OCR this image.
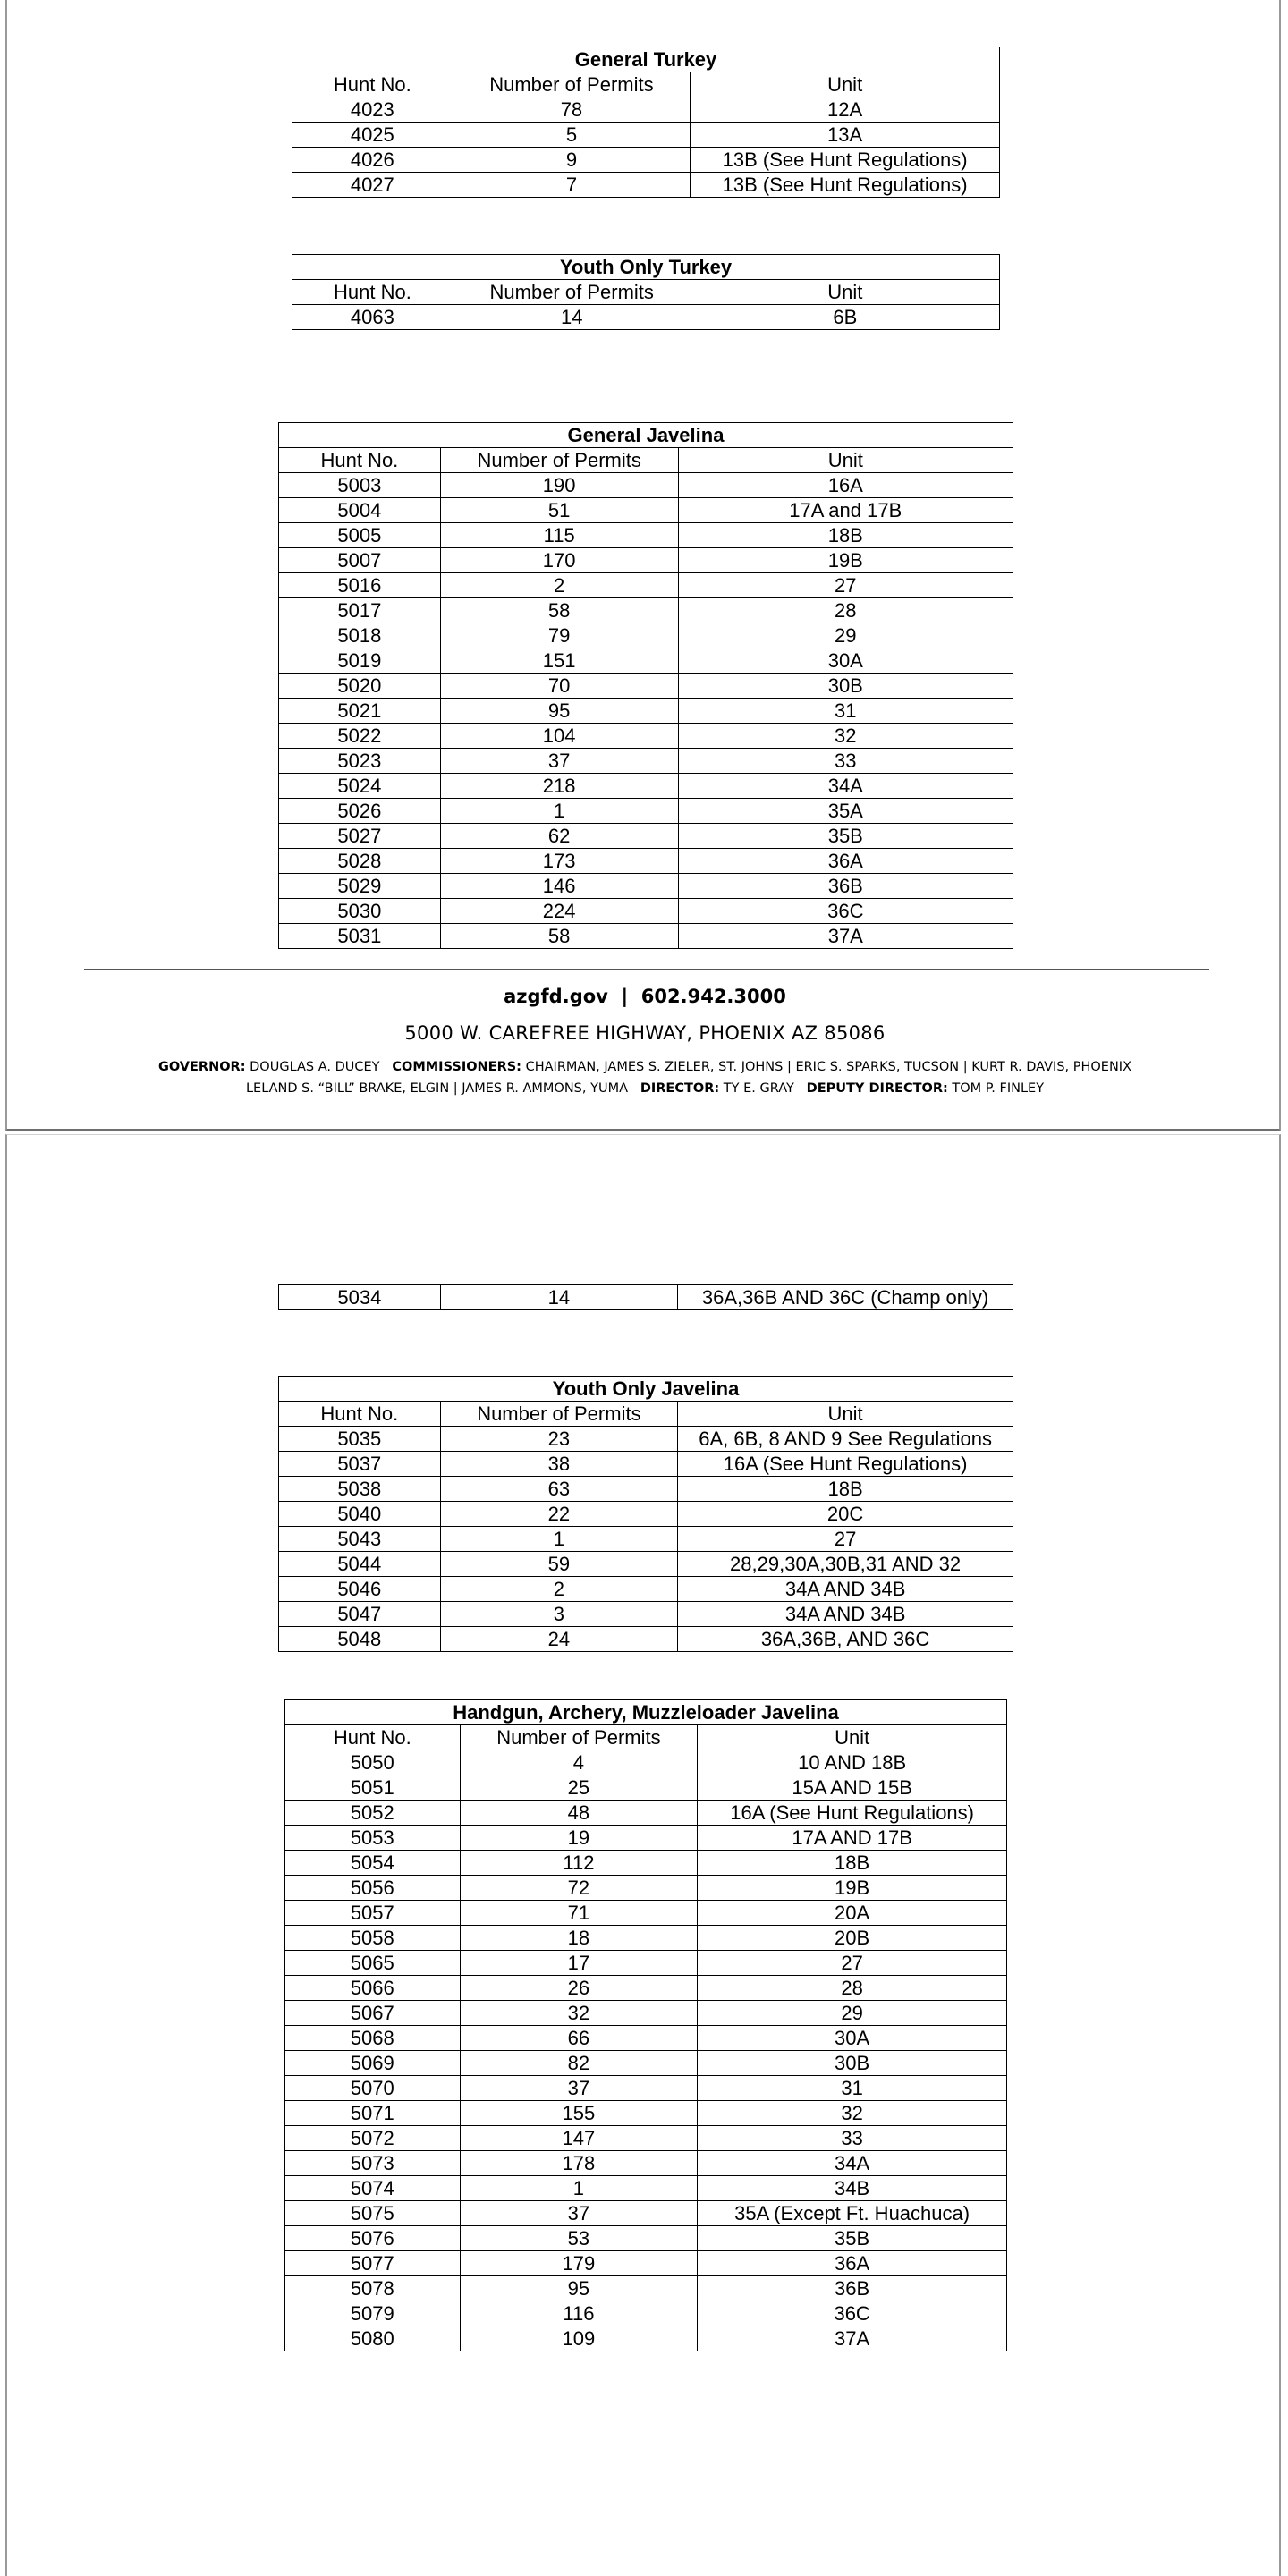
General Turkey		
Hunt No.	Number of Permits	Unit
4023	78	12A
4025	5	13A
4026	9	13B (See Hunt Regulations)
4027	7	13B (See Hunt Regulations)
Youth Only Turkey		
Hunt No.	Number of Permits	Unit
4063	14	6B
General Javelina		
Hunt No.	Number of Permits	Unit
5003	190	16A
5004	51	17A and 17B
5005	115	18B
5007	170	19B
5016	2	27
5017	58	28
5018	79	29
5019	151	30A
5020	70	30B
5021	95	31
5022	104	32
5023	37	33
5024	218	34A
5026	1	35A
5027	62	35B
5028	173	36A
5029	146	36B
5030	224	36C
5031	58	37A
azgfd.gov | 602.942.3000
5000 W. CAREFREE HIGHWAY, PHOENIX AZ 85086
GOVERNOR: DOUGLAS A. DUCEY COMMISSIONERS: CHAIRMAN, JAMES S. ZIELER, ST. JOHNS | ERIC S. SPARKS, TUCSON | KURT R. DAVIS, PHOENIX
LELAND S. “BILL” BRAKE, ELGIN | JAMES R. AMMONS, YUMA DIRECTOR: TY E. GRAY DEPUTY DIRECTOR: TOM P. FINLEY
5034	14	36A,36B AND 36C (Champ only)
Youth Only Javelina		
Hunt No.	Number of Permits	Unit
5035	23	6A, 6B, 8 AND 9 See Regulations
5037	38	16A (See Hunt Regulations)
5038	63	18B
5040	22	20C
5043	1	27
5044	59	28,29,30A,30B,31 AND 32
5046	2	34A AND 34B
5047	3	34A AND 34B
5048	24	36A,36B, AND 36C
Handgun, Archery, Muzzleloader Javelina		
Hunt No.	Number of Permits	Unit
5050	4	10 AND 18B
5051	25	15A AND 15B
5052	48	16A (See Hunt Regulations)
5053	19	17A AND 17B
5054	112	18B
5056	72	19B
5057	71	20A
5058	18	20B
5065	17	27
5066	26	28
5067	32	29
5068	66	30A
5069	82	30B
5070	37	31
5071	155	32
5072	147	33
5073	178	34A
5074	1	34B
5075	37	35A (Except Ft. Huachuca)
5076	53	35B
5077	179	36A
5078	95	36B
5079	116	36C
5080	109	37A
